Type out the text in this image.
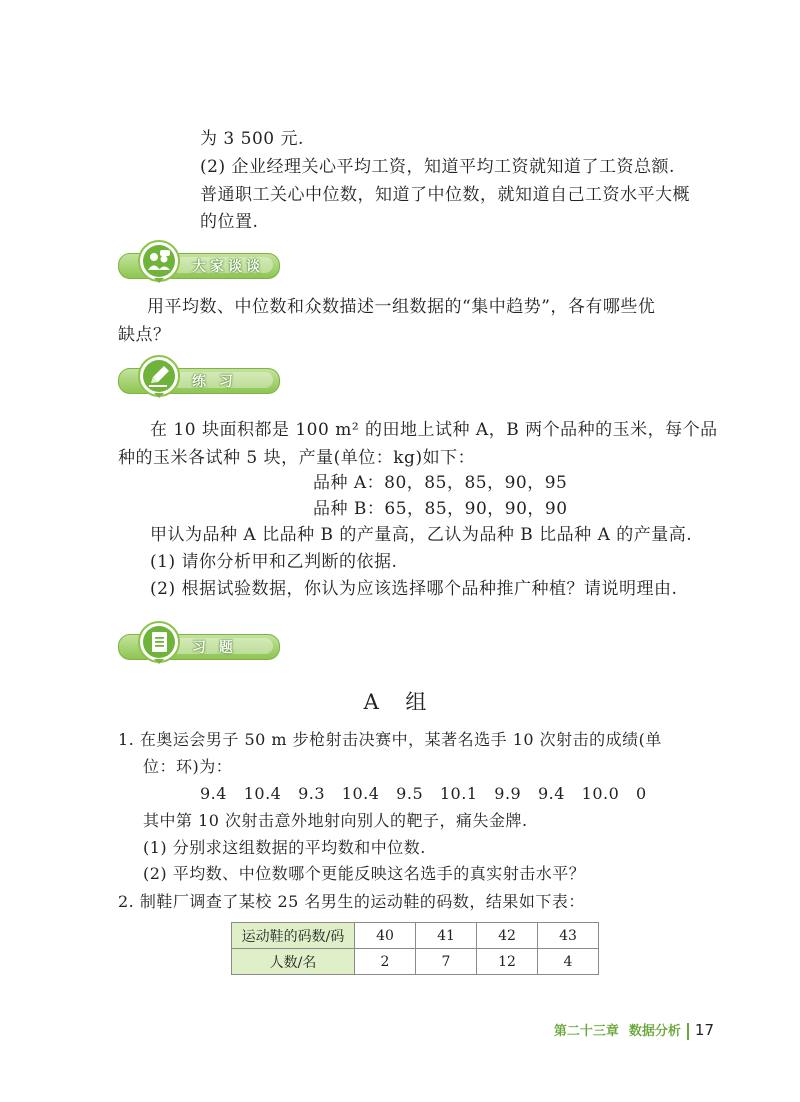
为 3 500 元.
(2) 企业经理关心平均工资，知道平均工资就知道了工资总额.
普通职工关心中位数，知道了中位数，就知道自己工资水平大概
的位置.
大家谈谈
用平均数、中位数和众数描述一组数据的“集中趋势”，各有哪些优
缺点？
练 习
在 10 块面积都是 100 m² 的田地上试种 A，B 两个品种的玉米，每个品
种的玉米各试种 5 块，产量(单位：kg)如下：
品种 A：80，85，85，90，95
品种 B：65，85，90，90，90
甲认为品种 A 比品种 B 的产量高，乙认为品种 B 比品种 A 的产量高.
(1) 请你分析甲和乙判断的依据.
(2) 根据试验数据，你认为应该选择哪个品种推广种植？请说明理由.
习 题
A 组
1. 在奥运会男子 50 m 步枪射击决赛中，某著名选手 10 次射击的成绩(单
位：环)为：
9.4   10.4   9.3   10.4   9.5   10.1   9.9   9.4   10.0   0
其中第 10 次射击意外地射向别人的靶子，痛失金牌.
(1) 分别求这组数据的平均数和中位数.
(2) 平均数、中位数哪个更能反映这名选手的真实射击水平？
2. 制鞋厂调查了某校 25 名男生的运动鞋的码数，结果如下表：
运动鞋的码数/码	40	41	42	43
人数/名	2	7	12	4
第二十三章 数据分析 17
